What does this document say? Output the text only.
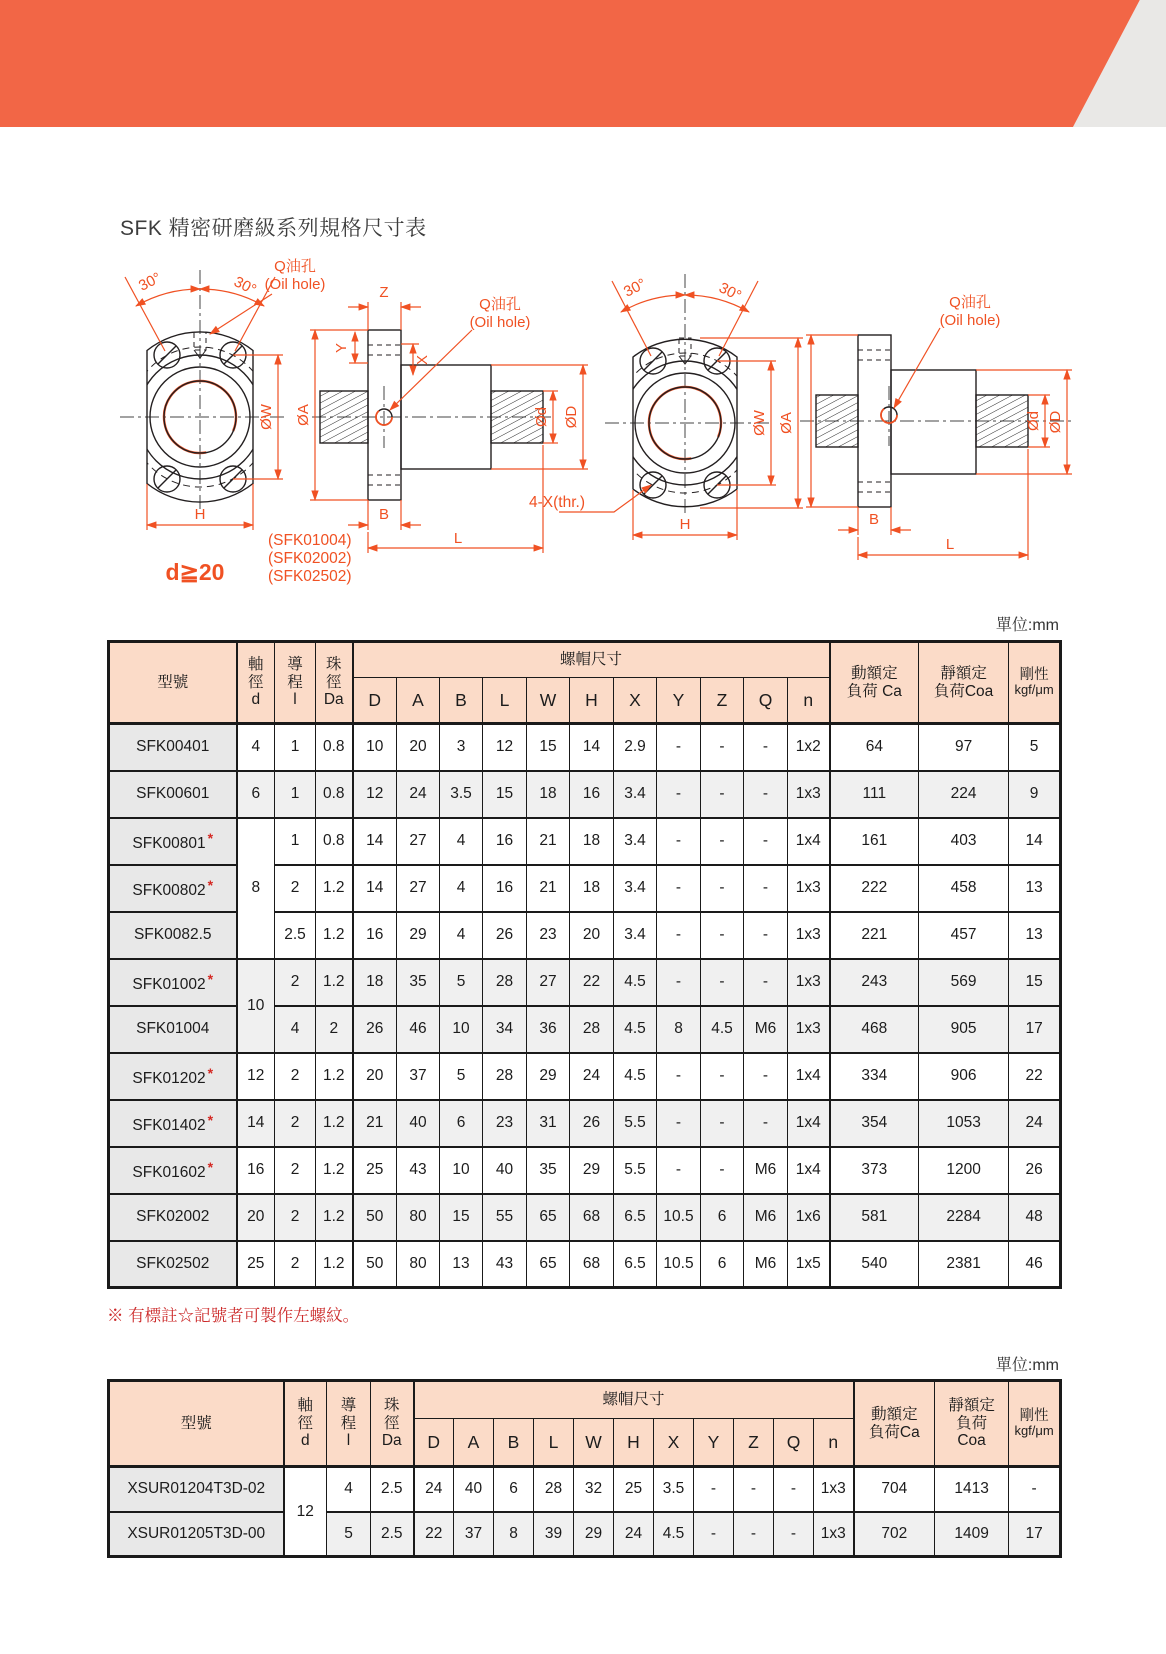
SFK 精密研磨級系列規格尺寸表
30°	30°
Q油孔
(Oil hole)	Z
Y
X
ØW ØA
Q油孔
(Oil hole)
Ød ØD
H	B
L
30°	30°	Q油孔
(Oil hole)
ØW ØA	Ød ØD
H	B
L
4-X(thr.)
d≧20
(SFK01004)
(SFK02002)
(SFK02502)
單位:mm
型號	
軸
徑
d

導
程
l

珠
徑
Da
	螺帽尺寸	
動額定
負荷 Ca

靜額定
負荷Coa

剛性
kgf/μm

				D	A	B	L	W	H	X	Y	Z	Q	n			
SFK00401	4	1	0.8	10	20	3	12	15	14	2.9	-	-	-	1x2	64	97	5
SFK00601	6	1	0.8	12	24	3.5	15	18	16	3.4	-	-	-	1x3	111	224	9
SFK00801 *	8	1	0.8	14	27	4	16	21	18	3.4	-	-	-	1x4	161	403	14
SFK00802 *		2	1.2	14	27	4	16	21	18	3.4	-	-	-	1x3	222	458	13
SFK0082.5		2.5	1.2	16	29	4	26	23	20	3.4	-	-	-	1x3	221	457	13
SFK01002 *	10	2	1.2	18	35	5	28	27	22	4.5	-	-	-	1x3	243	569	15
SFK01004		4	2	26	46	10	34	36	28	4.5	8	4.5	M6	1x3	468	905	17
SFK01202 *	12	2	1.2	20	37	5	28	29	24	4.5	-	-	-	1x4	334	906	22
SFK01402 *	14	2	1.2	21	40	6	23	31	26	5.5	-	-	-	1x4	354	1053	24
SFK01602 *	16	2	1.2	25	43	10	40	35	29	5.5	-	-	M6	1x4	373	1200	26
SFK02002	20	2	1.2	50	80	15	55	65	68	6.5	10.5	6	M6	1x6	581	2284	48
SFK02502	25	2	1.2	50	80	13	43	65	68	6.5	10.5	6	M6	1x5	540	2381	46
※ 有標註☆記號者可製作左螺紋。
單位:mm
型號	
軸
徑
d

導
程
l

珠
徑
Da
	螺帽尺寸	
動額定
負荷Ca

靜額定
負荷
Coa

剛性
kgf/μm

				D	A	B	L	W	H	X	Y	Z	Q	n			
XSUR01204T3D-02	12	4	2.5	24	40	6	28	32	25	3.5	-	-	-	1x3	704	1413	-
XSUR01205T3D-00		5	2.5	22	37	8	39	29	24	4.5	-	-	-	1x3	702	1409	17
